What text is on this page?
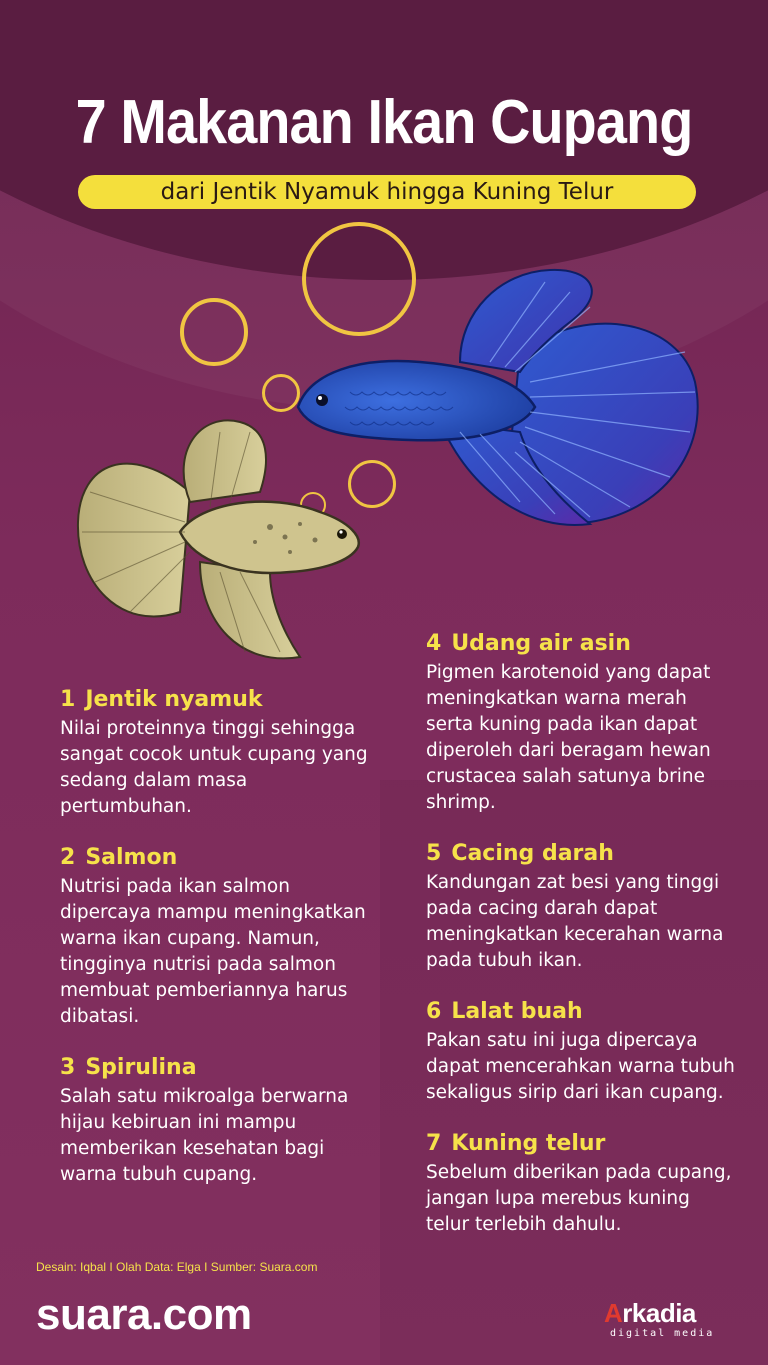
7 Makanan Ikan Cupang
dari Jentik Nyamuk hingga Kuning Telur
1 Jentik nyamuk
Nilai proteinnya tinggi sehingga sangat cocok untuk cupang yang sedang dalam masa pertumbuhan.
2 Salmon
Nutrisi pada ikan salmon dipercaya mampu meningkatkan warna ikan cupang. Namun, tingginya nutrisi pada salmon membuat pemberiannya harus dibatasi.
3 Spirulina
Salah satu mikroalga berwarna hijau kebiruan ini mampu memberikan kesehatan bagi warna tubuh cupang.
4 Udang air asin
Pigmen karotenoid yang dapat meningkatkan warna merah serta kuning pada ikan dapat diperoleh dari beragam hewan crustacea salah satunya brine shrimp.
5 Cacing darah
Kandungan zat besi yang tinggi pada cacing darah dapat meningkatkan kecerahan warna pada tubuh ikan.
6 Lalat buah
Pakan satu ini juga dipercaya dapat mencerahkan warna tubuh sekaligus sirip dari ikan cupang.
7 Kuning telur
Sebelum diberikan pada cupang, jangan lupa merebus kuning telur terlebih dahulu.
Desain: Iqbal I Olah Data: Elga I Sumber: Suara.com
suara.com	Arkadia
digital media
